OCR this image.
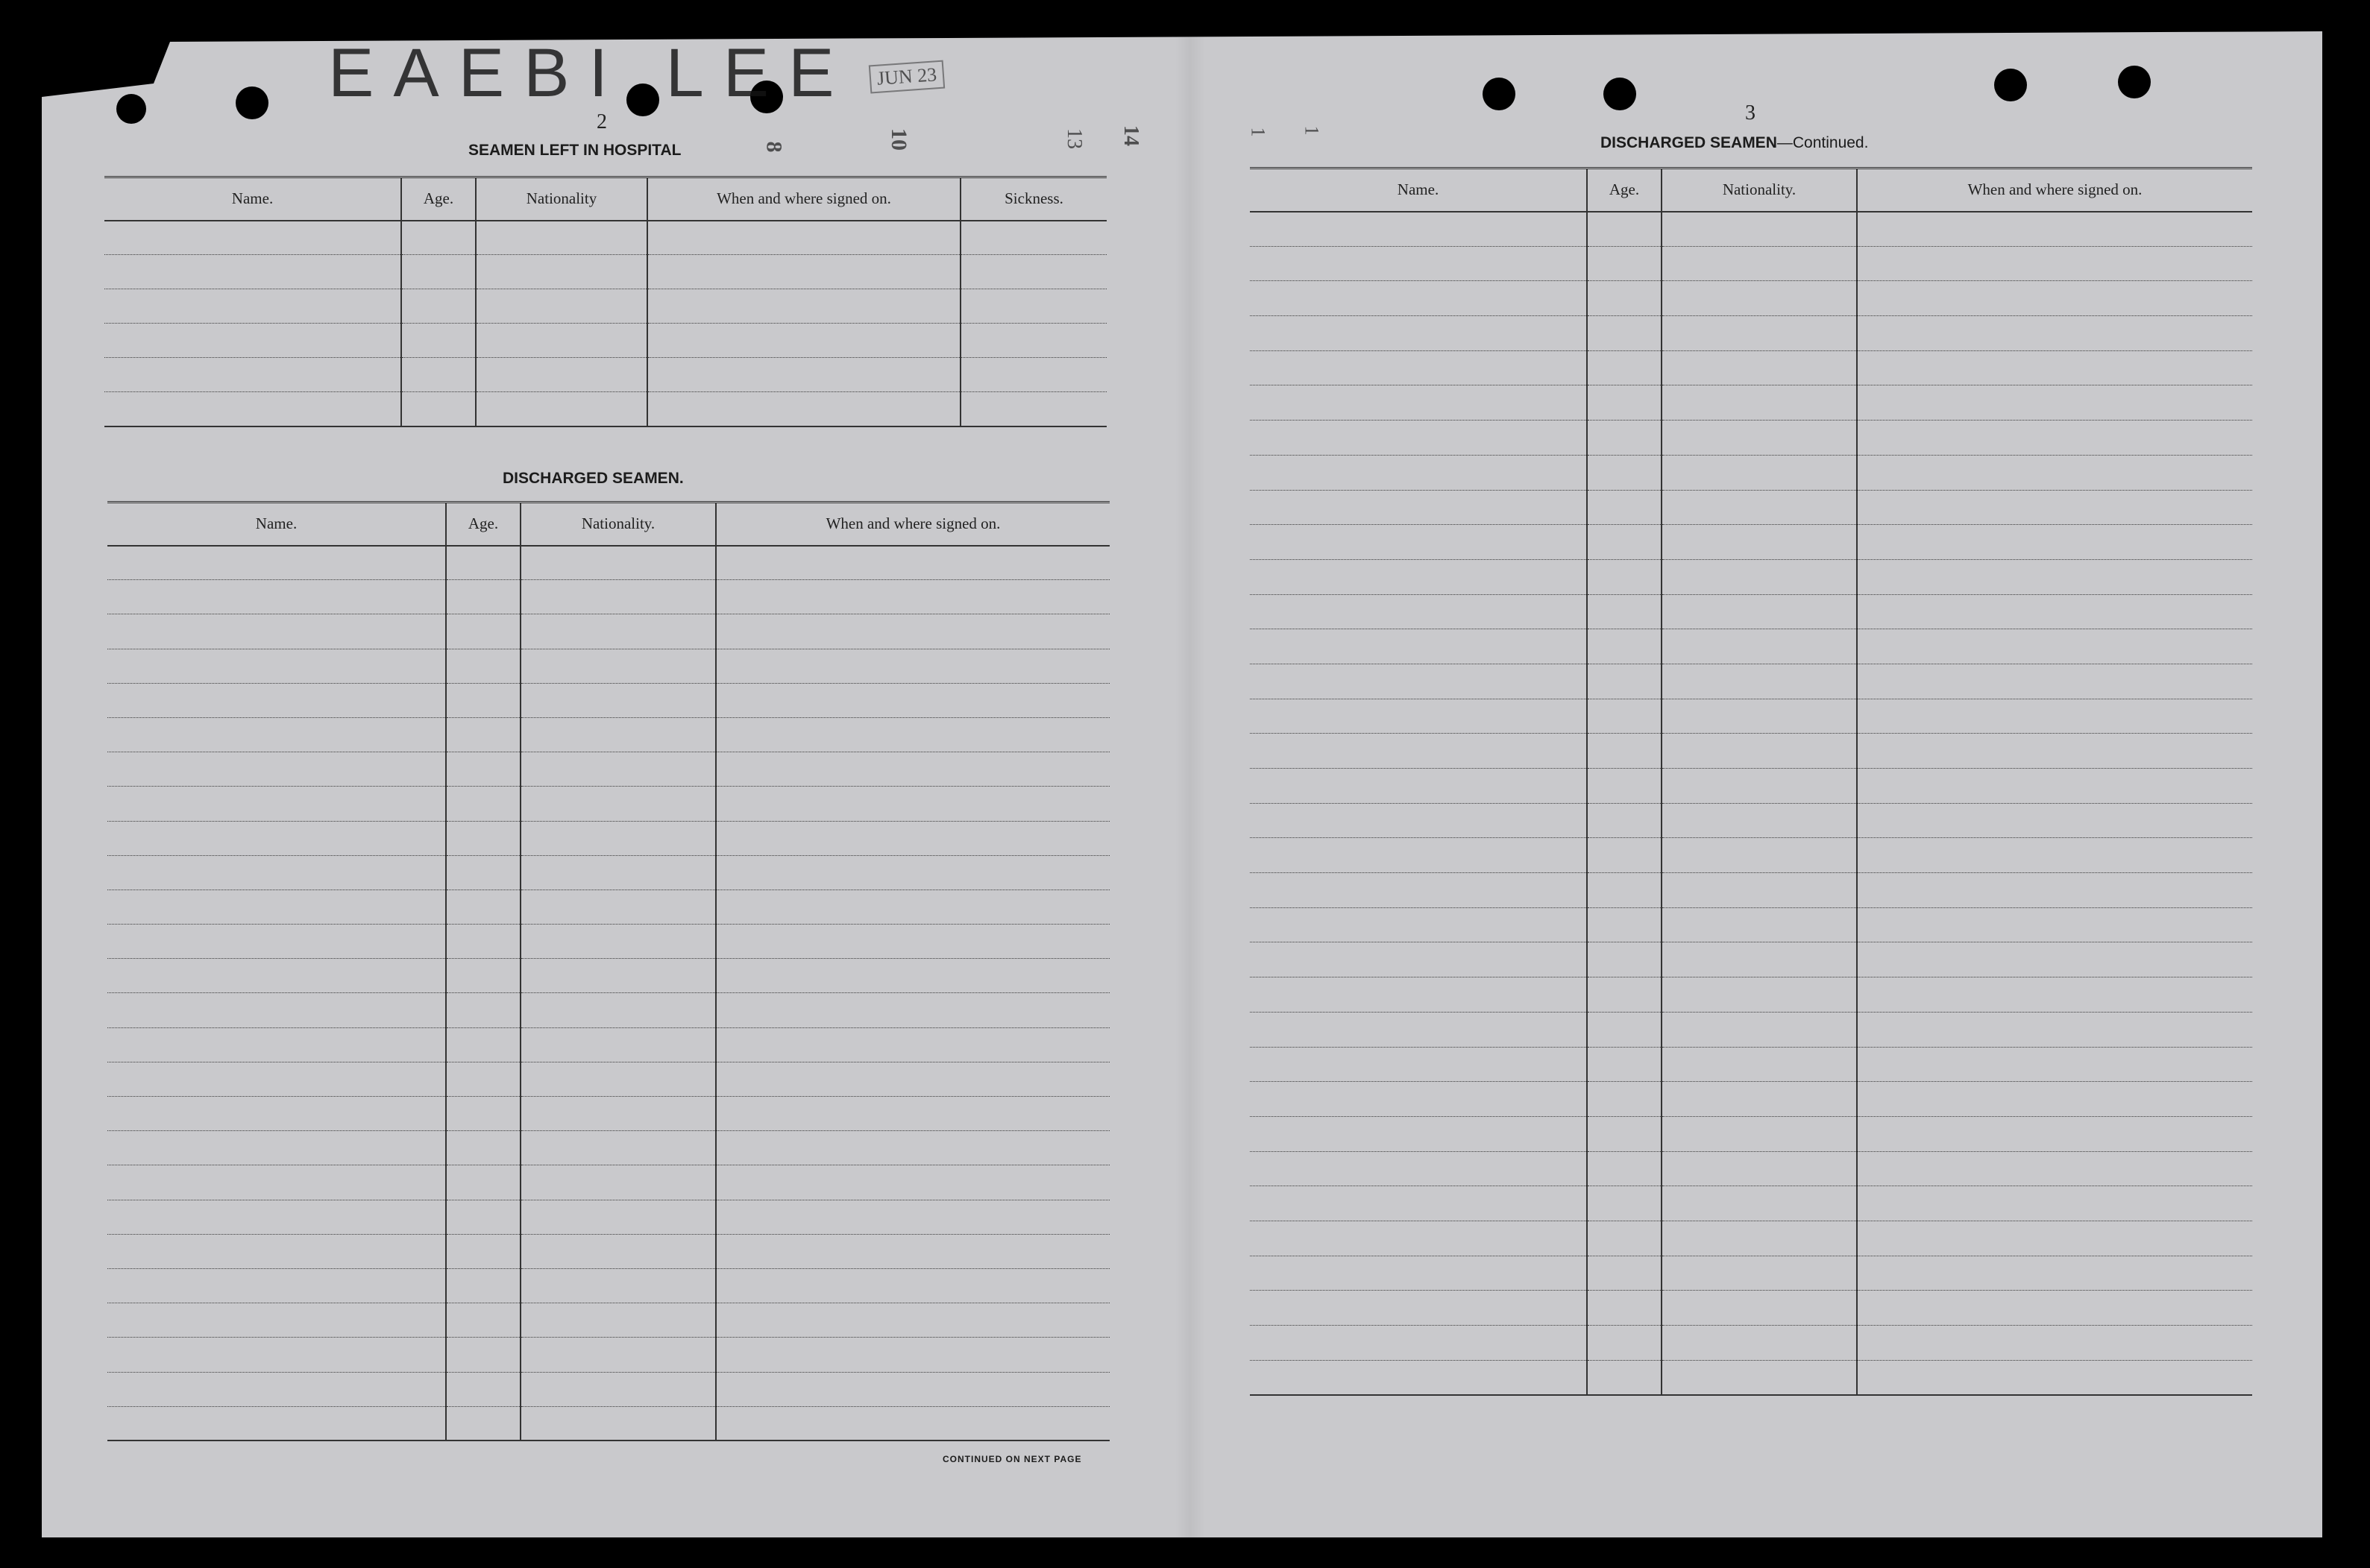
EAEBI LEE	JUN 23
10
8	13 14	1 1
2
SEAMEN LEFT IN HOSPITAL
Name.	Age.	Nationality	When and where signed on.	Sickness.

DISCHARGED SEAMEN.
Name.	Age.	Nationality.	When and where signed on.

CONTINUED ON NEXT PAGE
3
DISCHARGED SEAMEN—Continued.
Name.	Age.	Nationality.	When and where signed on.
